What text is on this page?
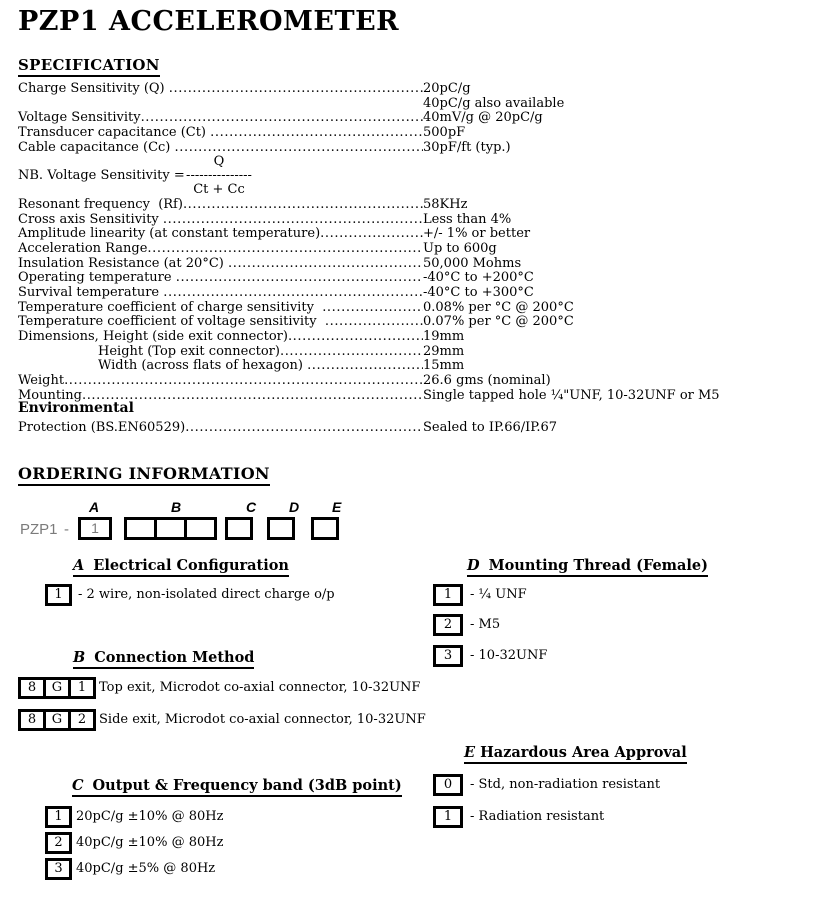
PZP1 ACCELEROMETER
SPECIFICATION
Charge Sensitivity (Q) .....	20pC/g
40pC/g also available
Voltage Sensitivity .....	40mV/g @ 20pC/g
Transducer capacitance (Ct) .....	500pF
Cable capacitance (Cc) .....	30pF/ft (typ.)
NB. Voltage Sensitivity =
Q
---------------
Ct + Cc
Resonant frequency  (Rf) .....	58KHz
Cross axis Sensitivity .....	Less than 4%
Amplitude linearity (at constant temperature) .....	+/- 1% or better
Acceleration Range .....	Up to 600g
Insulation Resistance (at 20°C) .....	50,000 Mohms
Operating temperature .....	-40°C to +200°C
Survival temperature .....	-40°C to +300°C
Temperature coefficient of charge sensitivity .....	0.08% per °C @ 200°C
Temperature coefficient of voltage sensitivity .....	0.07% per °C @ 200°C
Dimensions, Height (side exit connector) .....	19mm
Height (Top exit connector) .....	29mm
Width (across flats of hexagon) .....	15mm
Weight .....	26.6 gms (nominal)
Mounting .....	Single tapped hole ¼"UNF, 10-32UNF or M5
Environmental
Protection (BS.EN60529) .....	Sealed to IP.66/IP.67
ORDERING INFORMATION
A	B	C D E
PZP1 -	1
A Electrical Configuration
1	- 2 wire, non-isolated direct charge o/p
B Connection Method
8	G	1 Top exit, Microdot co-axial connector, 10-32UNF
8	G	2 Side exit, Microdot co-axial connector, 10-32UNF
C Output & Frequency band (3dB point)
1	20pC/g ±10% @ 80Hz
2	40pC/g ±10% @ 80Hz
3	40pC/g ±5% @ 80Hz
D Mounting Thread (Female)
1	- ¼ UNF
2	- M5
3	- 10-32UNF
E Hazardous Area Approval
0	- Std, non-radiation resistant
1	- Radiation resistant
